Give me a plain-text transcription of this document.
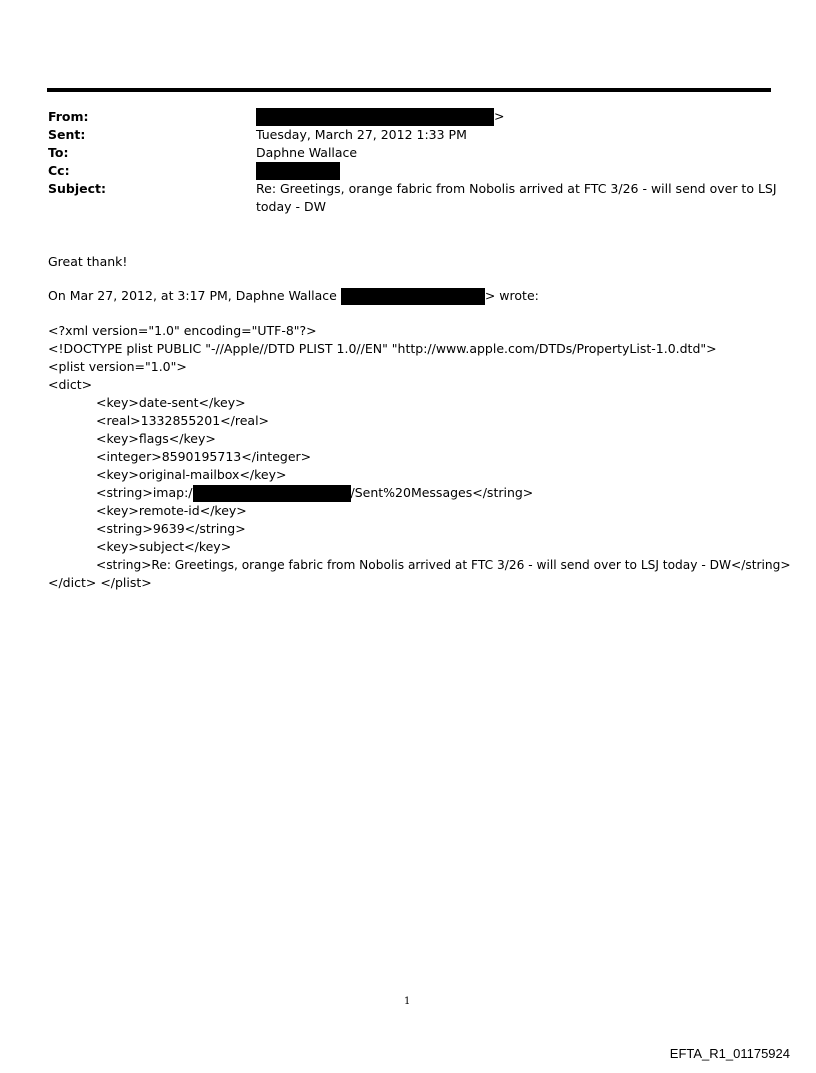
From:
Sent:
To:
Cc:
Subject:
>
Tuesday, March 27, 2012 1:33 PM
Daphne Wallace
Re: Greetings, orange fabric from Nobolis arrived at FTC 3/26 - will send over to LSJ
today - DW
Great thank!
On Mar 27, 2012, at 3:17 PM, Daphne Wallace	> wrote:
<?xml version="1.0" encoding="UTF-8"?>
<!DOCTYPE plist PUBLIC "-//Apple//DTD PLIST 1.0//EN" "http://www.apple.com/DTDs/PropertyList-1.0.dtd">
<plist version="1.0">
<dict>
<key>date-sent</key>
<real>1332855201</real>
<key>flags</key>
<integer>8590195713</integer>
<key>original-mailbox</key>
<string>imap:/	/Sent%20Messages</string>
<key>remote-id</key>
<string>9639</string>
<key>subject</key>
<string>Re: Greetings, orange fabric from Nobolis arrived at FTC 3/26 - will send over to LSJ today - DW</string>
</dict> </plist>
1
EFTA_R1_01175924
